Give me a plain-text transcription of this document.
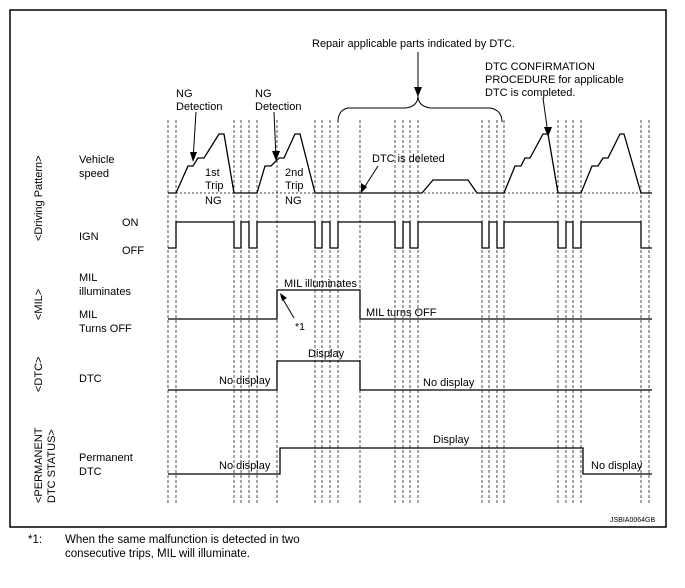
<Driving Pattern>
<MIL>
<DTC>
<PERMANENT DTC STATUS>
Vehicle
speed
ON
IGN
OFF
MIL
illuminates
MIL
Turns OFF
DTC
Permanent
DTC
Repair applicable parts indicated by DTC.
DTC CONFIRMATION
PROCEDURE for applicable
DTC is completed.
NG
Detection
NG
Detection
1st
Trip
NG
2nd
Trip
NG
DTC is deleted
MIL illuminates
MIL turns OFF
*1
No display
Display
No display
No display
Display
No display
JSBIA0064GB
*1: When the same malfunction is detected in two consecutive trips, MIL will illuminate.
